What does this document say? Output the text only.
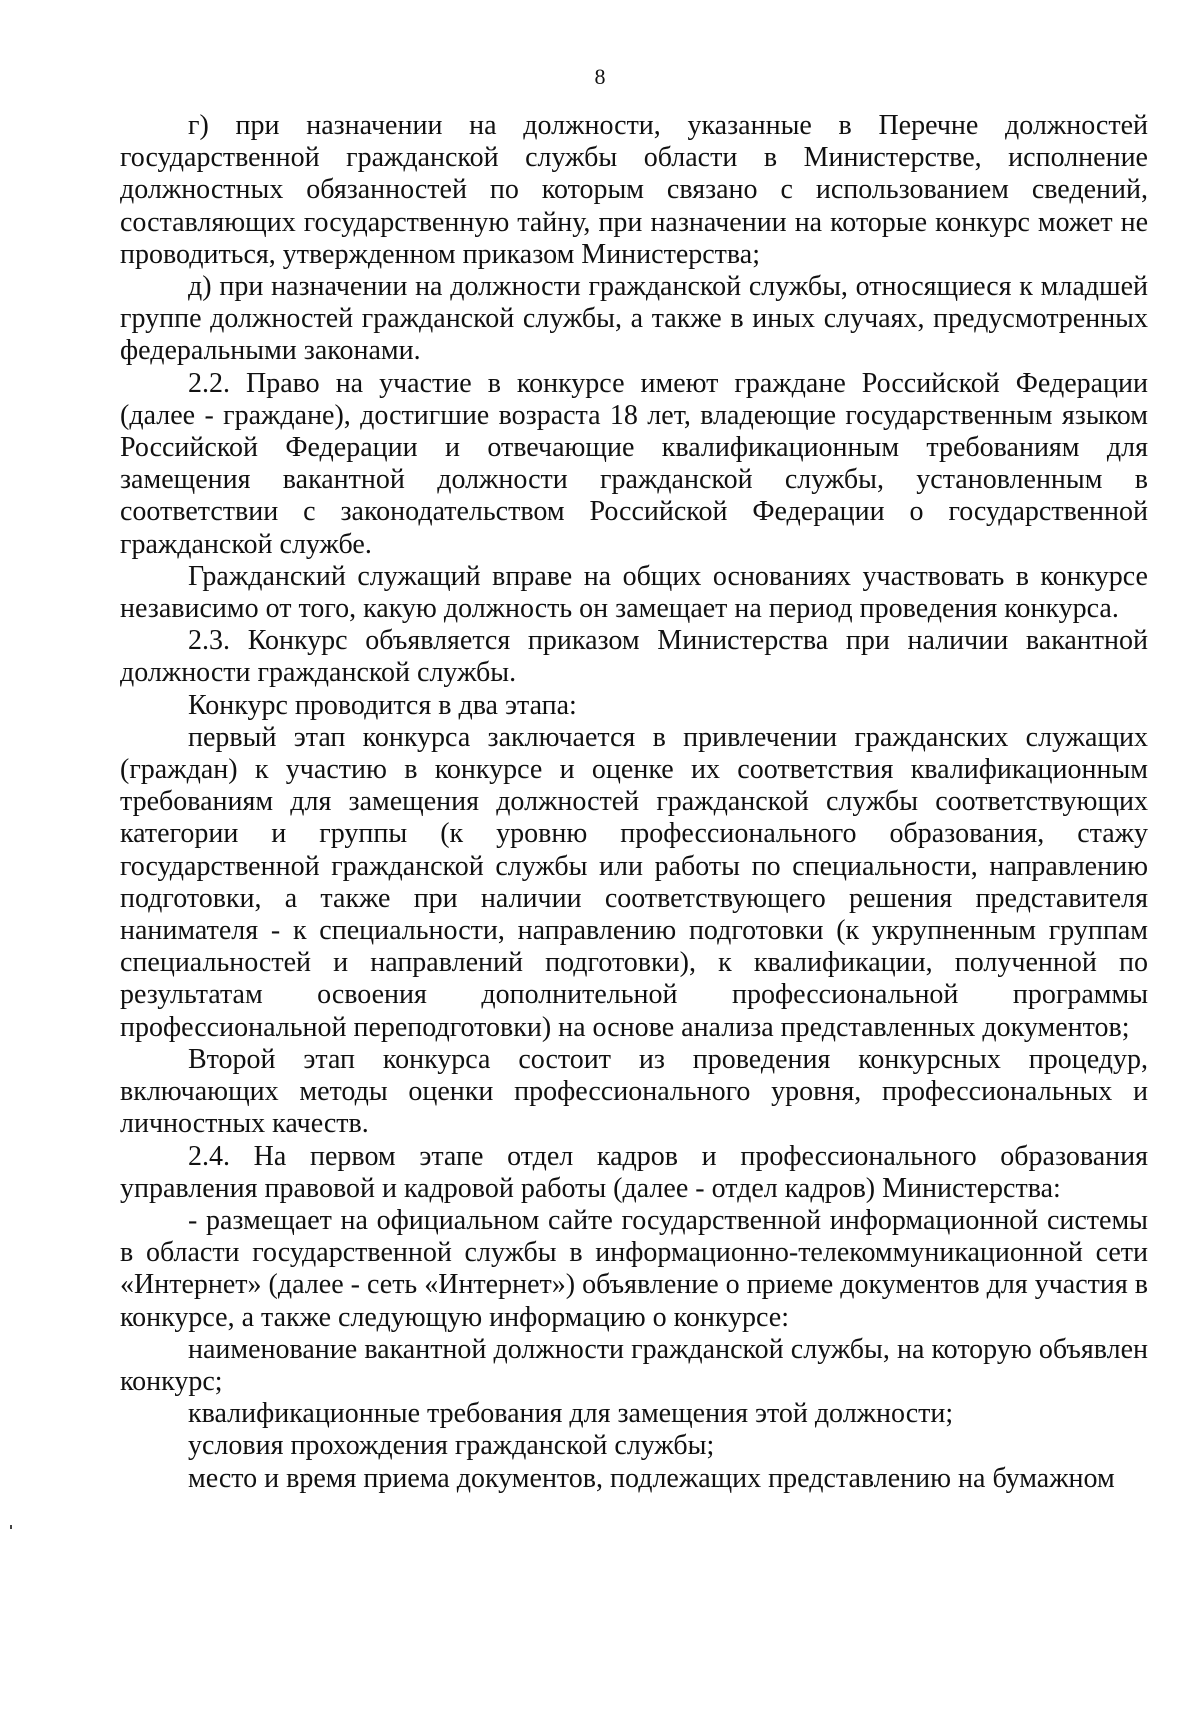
8

г) при назначении на должности, указанные в Перечне должностей государственной гражданской службы области в Министерстве, исполнение должностных обязанностей по которым связано с использованием сведений, составляющих государственную тайну, при назначении на которые конкурс может не проводиться, утвержденном приказом Министерства;

д) при назначении на должности гражданской службы, относящиеся к младшей группе должностей гражданской службы, а также в иных случаях, предусмотренных федеральными законами.

2.2. Право на участие в конкурсе имеют граждане Российской Федерации (далее - граждане), достигшие возраста 18 лет, владеющие государственным языком Российской Федерации и отвечающие квалификационным требованиям для замещения вакантной должности гражданской службы, установленным в соответствии с законодательством Российской Федерации о государственной гражданской службе.

Гражданский служащий вправе на общих основаниях участвовать в конкурсе независимо от того, какую должность он замещает на период проведения конкурса.

2.3. Конкурс объявляется приказом Министерства при наличии вакантной должности гражданской службы.

Конкурс проводится в два этапа:

первый этап конкурса заключается в привлечении гражданских служащих (граждан) к участию в конкурсе и оценке их соответствия квалификационным требованиям для замещения должностей гражданской службы соответствующих категории и группы (к уровню профессионального образования, стажу государственной гражданской службы или работы по специальности, направлению подготовки, а также при наличии соответствующего решения представителя нанимателя - к специальности, направлению подготовки (к укрупненным группам специальностей и направлений подготовки), к квалификации, полученной по результатам освоения дополнительной профессиональной программы профессиональной переподготовки) на основе анализа представленных документов;

Второй этап конкурса состоит из проведения конкурсных процедур, включающих методы оценки профессионального уровня, профессиональных и личностных качеств.

2.4. На первом этапе отдел кадров и профессионального образования управления правовой и кадровой работы (далее - отдел кадров) Министерства:

- размещает на официальном сайте государственной информационной системы в области государственной службы в информационно-телекоммуникационной сети «Интернет» (далее - сеть «Интернет») объявление о приеме документов для участия в конкурсе, а также следующую информацию о конкурсе:

наименование вакантной должности гражданской службы, на которую объявлен конкурс;

квалификационные требования для замещения этой должности;

условия прохождения гражданской службы;

место и время приема документов, подлежащих представлению на бумажном
